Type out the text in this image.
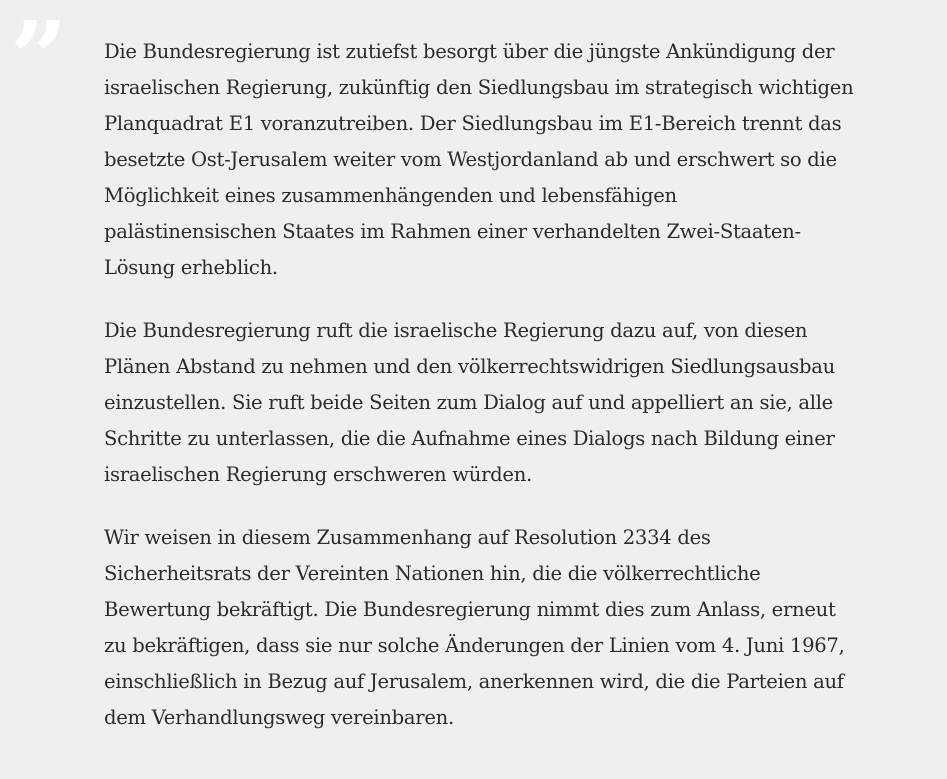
” Die Bundesregierung ist zutiefst besorgt über die jüngste Ankündigung der
israelischen Regierung, zukünftig den Siedlungsbau im strategisch wichtigen
Planquadrat E1 voranzutreiben. Der Siedlungsbau im E1-Bereich trennt das
besetzte Ost-Jerusalem weiter vom Westjordanland ab und erschwert so die
Möglichkeit eines zusammenhängenden und lebensfähigen
palästinensischen Staates im Rahmen einer verhandelten Zwei-Staaten-
Lösung erheblich.

Die Bundesregierung ruft die israelische Regierung dazu auf, von diesen
Plänen Abstand zu nehmen und den völkerrechtswidrigen Siedlungsausbau
einzustellen. Sie ruft beide Seiten zum Dialog auf und appelliert an sie, alle
Schritte zu unterlassen, die die Aufnahme eines Dialogs nach Bildung einer
israelischen Regierung erschweren würden.

Wir weisen in diesem Zusammenhang auf Resolution 2334 des
Sicherheitsrats der Vereinten Nationen hin, die die völkerrechtliche
Bewertung bekräftigt. Die Bundesregierung nimmt dies zum Anlass, erneut
zu bekräftigen, dass sie nur solche Änderungen der Linien vom 4. Juni 1967,
einschließlich in Bezug auf Jerusalem, anerkennen wird, die die Parteien auf
dem Verhandlungsweg vereinbaren.
